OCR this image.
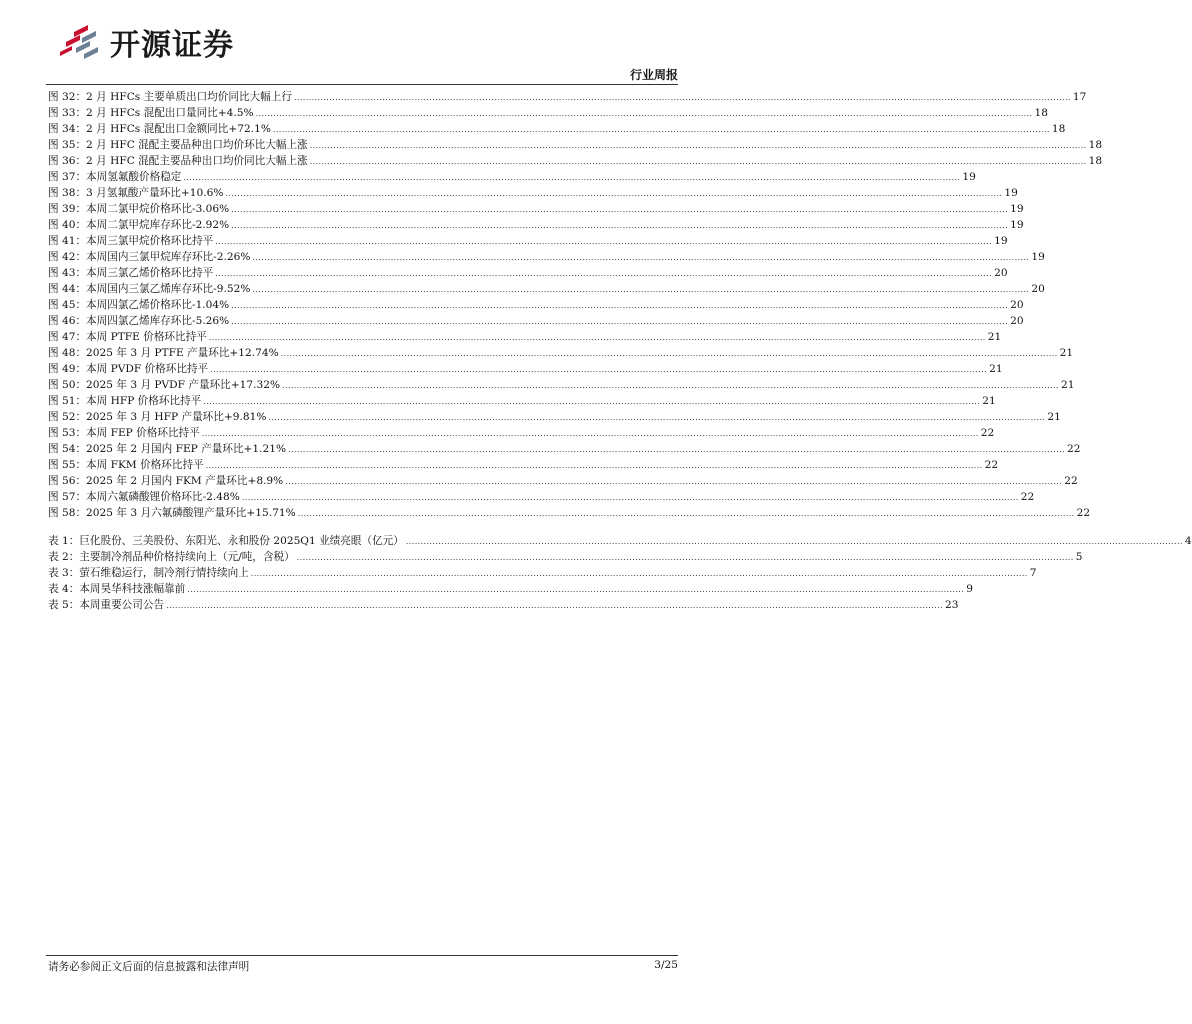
开源证券
行业周报
图 32： 2 月 HFCs 主要单质出口均价同比大幅上行 .....	17
图 33： 2 月 HFCs 混配出口量同比+4.5% .....	18
图 34： 2 月 HFCs 混配出口金额同比+72.1% .....	18
图 35： 2 月 HFC 混配主要品种出口均价环比大幅上涨 .....	18
图 36： 2 月 HFC 混配主要品种出口均价同比大幅上涨 .....	18
图 37： 本周氢氟酸价格稳定 .....	19
图 38： 3 月氢氟酸产量环比+10.6% .....	19
图 39： 本周二氯甲烷价格环比-3.06% .....	19
图 40： 本周二氯甲烷库存环比-2.92% .....	19
图 41： 本周三氯甲烷价格环比持平 .....	19
图 42： 本周国内三氯甲烷库存环比-2.26% .....	19
图 43： 本周三氯乙烯价格环比持平 .....	20
图 44： 本周国内三氯乙烯库存环比-9.52% .....	20
图 45： 本周四氯乙烯价格环比-1.04% .....	20
图 46： 本周四氯乙烯库存环比-5.26% .....	20
图 47： 本周 PTFE 价格环比持平 .....	21
图 48： 2025 年 3 月 PTFE 产量环比+12.74% .....	21
图 49： 本周 PVDF 价格环比持平 .....	21
图 50： 2025 年 3 月 PVDF 产量环比+17.32% .....	21
图 51： 本周 HFP 价格环比持平 .....	21
图 52： 2025 年 3 月 HFP 产量环比+9.81% .....	21
图 53： 本周 FEP 价格环比持平 .....	22
图 54： 2025 年 2 月国内 FEP 产量环比+1.21% .....	22
图 55： 本周 FKM 价格环比持平 .....	22
图 56： 2025 年 2 月国内 FKM 产量环比+8.9% .....	22
图 57： 本周六氟磷酸锂价格环比-2.48% .....	22
图 58： 2025 年 3 月六氟磷酸锂产量环比+15.71% .....	22
表 1： 巨化股份、三美股份、东阳光、永和股份 2025Q1 业绩亮眼（亿元） .....	4
表 2： 主要制冷剂品种价格持续向上（元/吨，含税） .....	5
表 3： 萤石维稳运行，制冷剂行情持续向上 .....	7
表 4： 本周昊华科技涨幅靠前 .....	9
表 5： 本周重要公司公告 .....	23
请务必参阅正文后面的信息披露和法律声明	3/25
